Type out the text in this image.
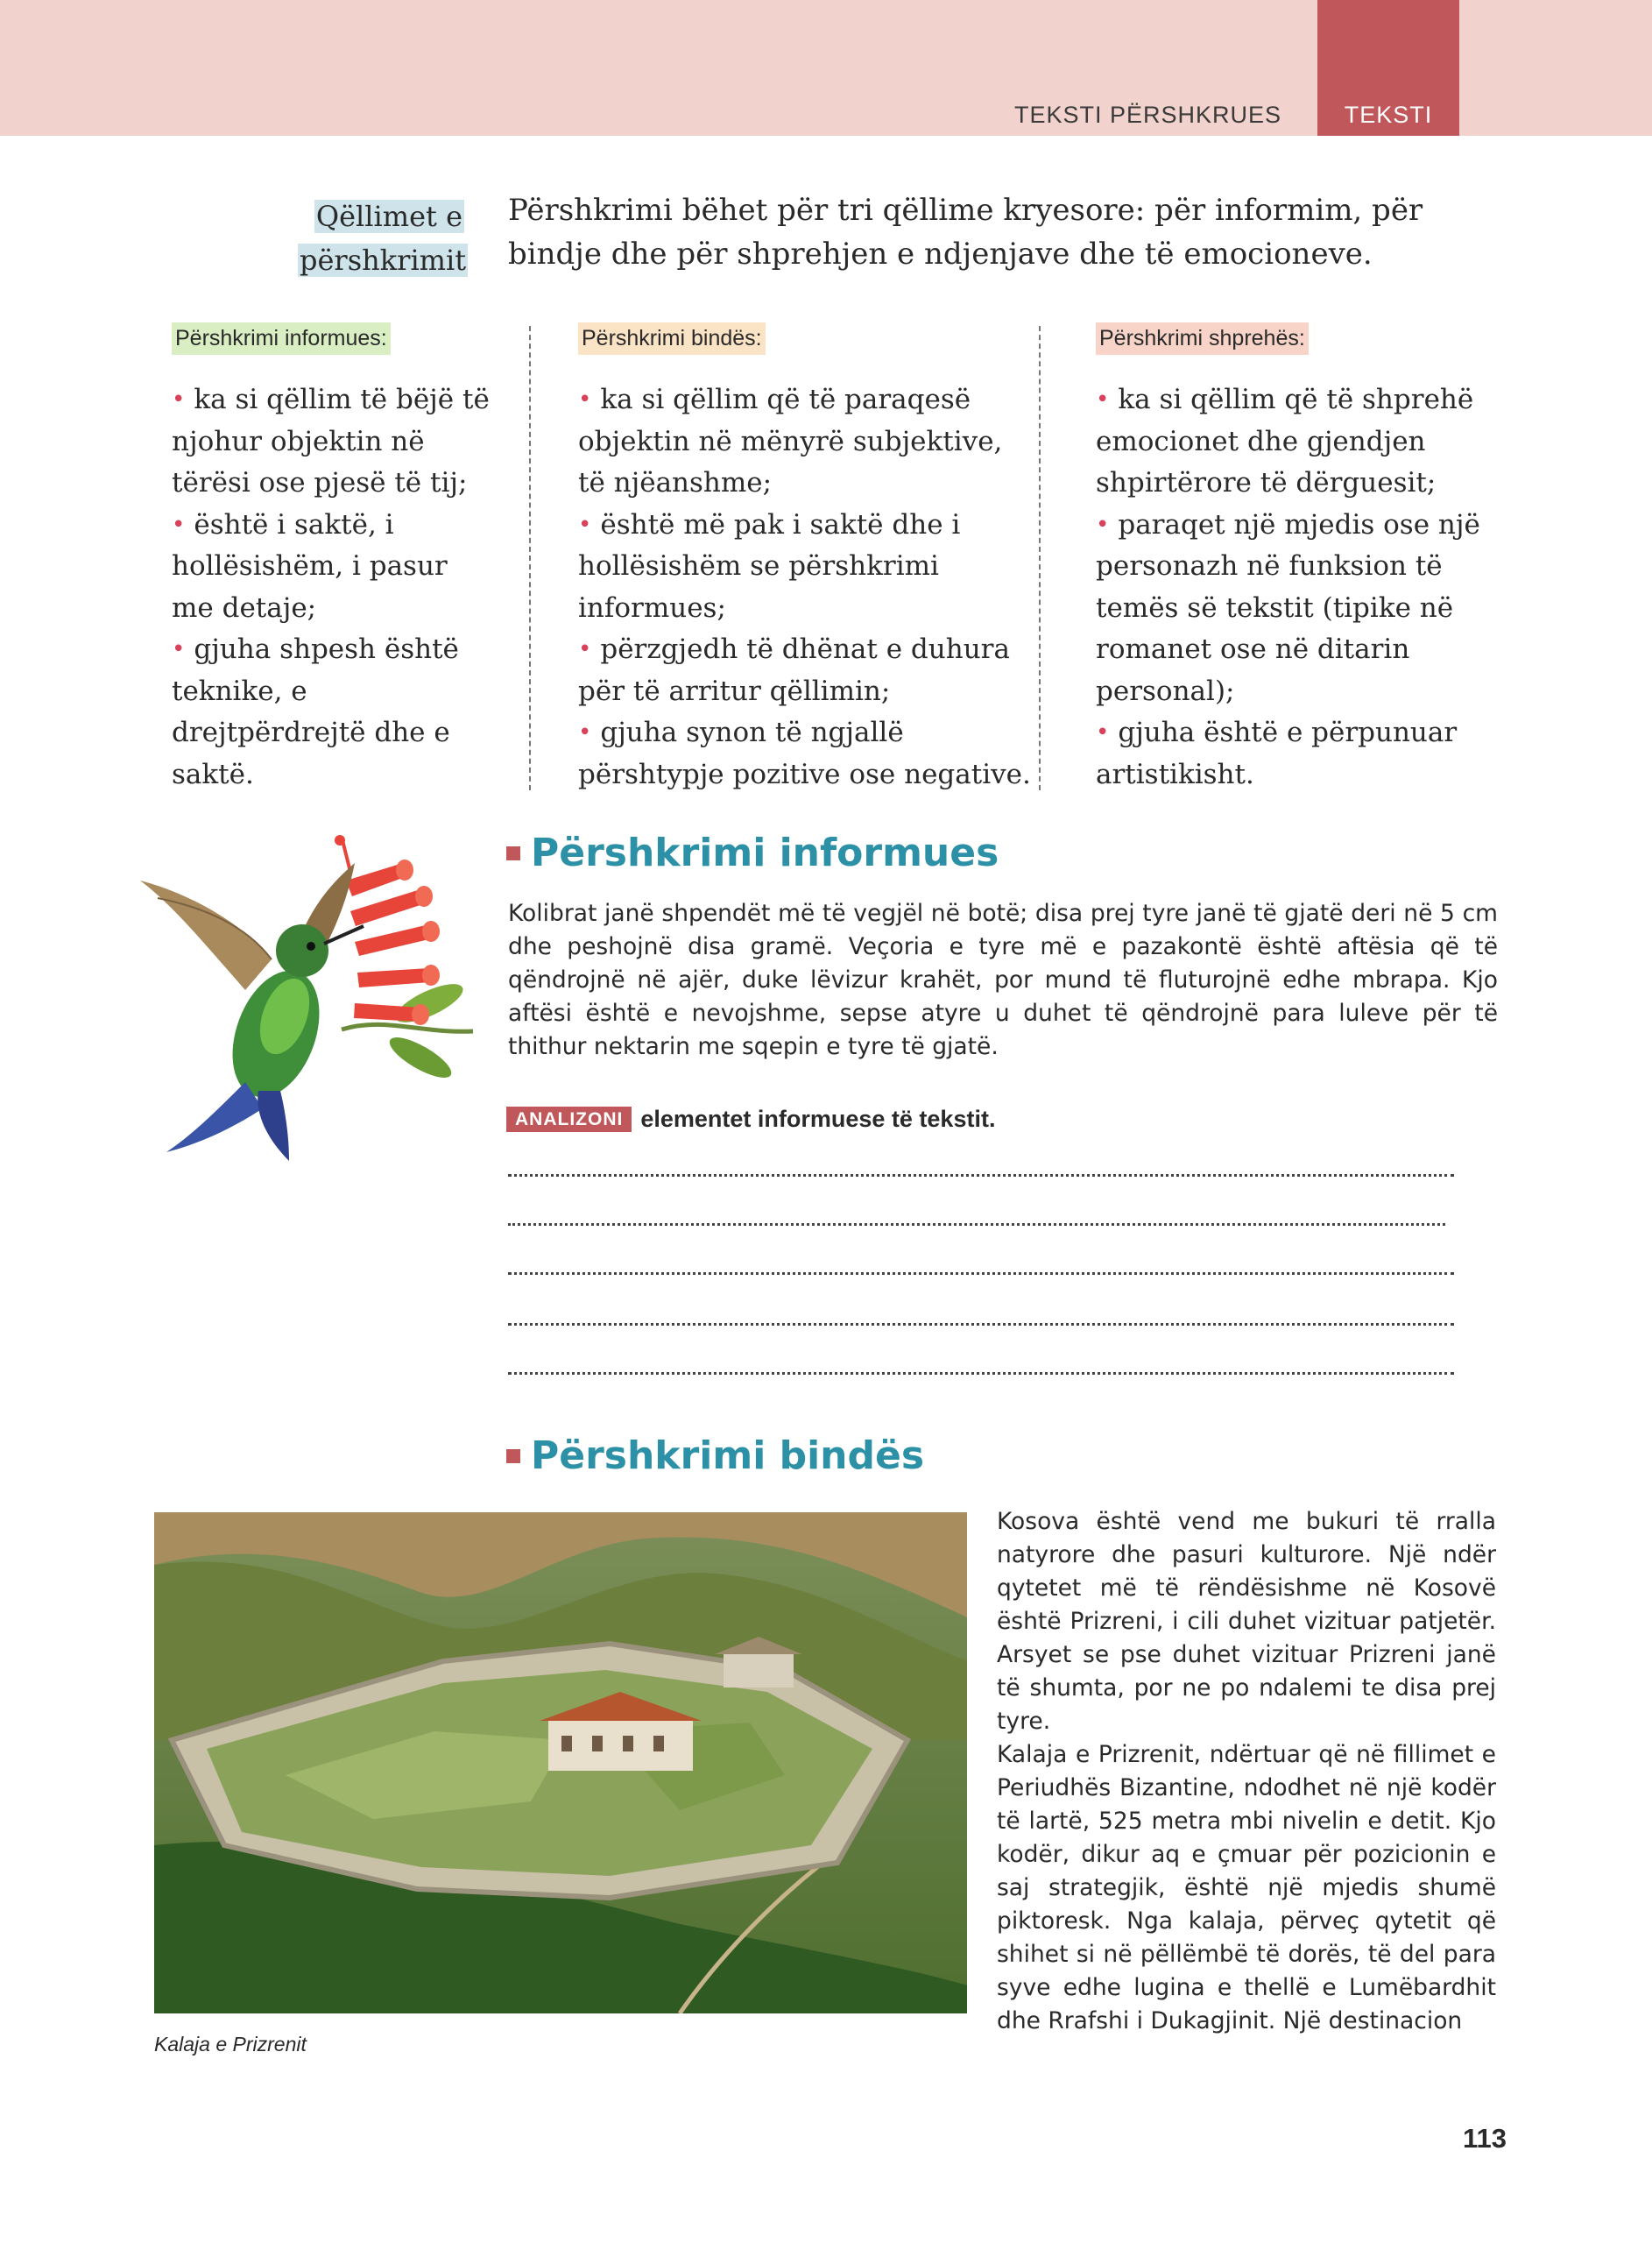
TEKSTI PËRSHKRUES	TEKSTI
Qëllimet e
përshkrimit
Përshkrimi bëhet për tri qëllime kryesore: për informim, për bindje dhe për shprehjen e ndjenjave dhe të emocioneve.
Përshkrimi informues:
• ka si qëllim të bëjë të njohur objektin në tërësi ose pjesë të tij;
• është i saktë, i hollësishëm, i pasur me detaje;
• gjuha shpesh është teknike, e drejtpërdrejtë dhe e saktë.
Përshkrimi bindës:
• ka si qëllim që të paraqesë objektin në mënyrë subjektive, të njëanshme;
• është më pak i saktë dhe i hollësishëm se përshkrimi informues;
• përzgjedh të dhënat e duhura për të arritur qëllimin;
• gjuha synon të ngjallë përshtypje pozitive ose negative.
Përshkrimi shprehës:
• ka si qëllim që të shprehë emocionet dhe gjendjen shpirtërore të dërguesit;
• paraqet një mjedis ose një personazh në funksion të temës së tekstit (tipike në romanet ose në ditarin personal);
• gjuha është e përpunuar artistikisht.
Përshkrimi informues
Kolibrat janë shpendët më të vegjël në botë; disa prej tyre janë të gjatë deri në 5 cm dhe peshojnë disa gramë. Veçoria e tyre më e pazakontë është aftësia që të qëndrojnë në ajër, duke lëvizur krahët, por mund të fluturojnë edhe mbrapa. Kjo aftësi është e nevojshme, sepse atyre u duhet të qëndrojnë para luleve për të thithur nektarin me sqepin e tyre të gjatë.
ANALIZONI elementet informuese të tekstit.
Përshkrimi bindës
Kalaja e Prizrenit

Kosova është vend me bukuri të rralla natyrore dhe pasuri kulturore. Një ndër qytetet më të rëndësishme në Kosovë është Prizreni, i cili duhet vizituar patjetër. Arsyet se pse duhet vizituar Prizreni janë të shumta, por ne po ndalemi te disa prej tyre.

Kalaja e Prizrenit, ndërtuar që në fillimet e Periudhës Bizantine, ndodhet në një kodër të lartë, 525 metra mbi nivelin e detit. Kjo kodër, dikur aq e çmuar për pozicionin e saj strategjik, është një mjedis shumë piktoresk. Nga kalaja, përveç qytetit që shihet si në pëllëmbë të dorës, të del para syve edhe lugina e thellë e Lumëbardhit dhe Rrafshi i Dukagjinit. Një destinacion

113
